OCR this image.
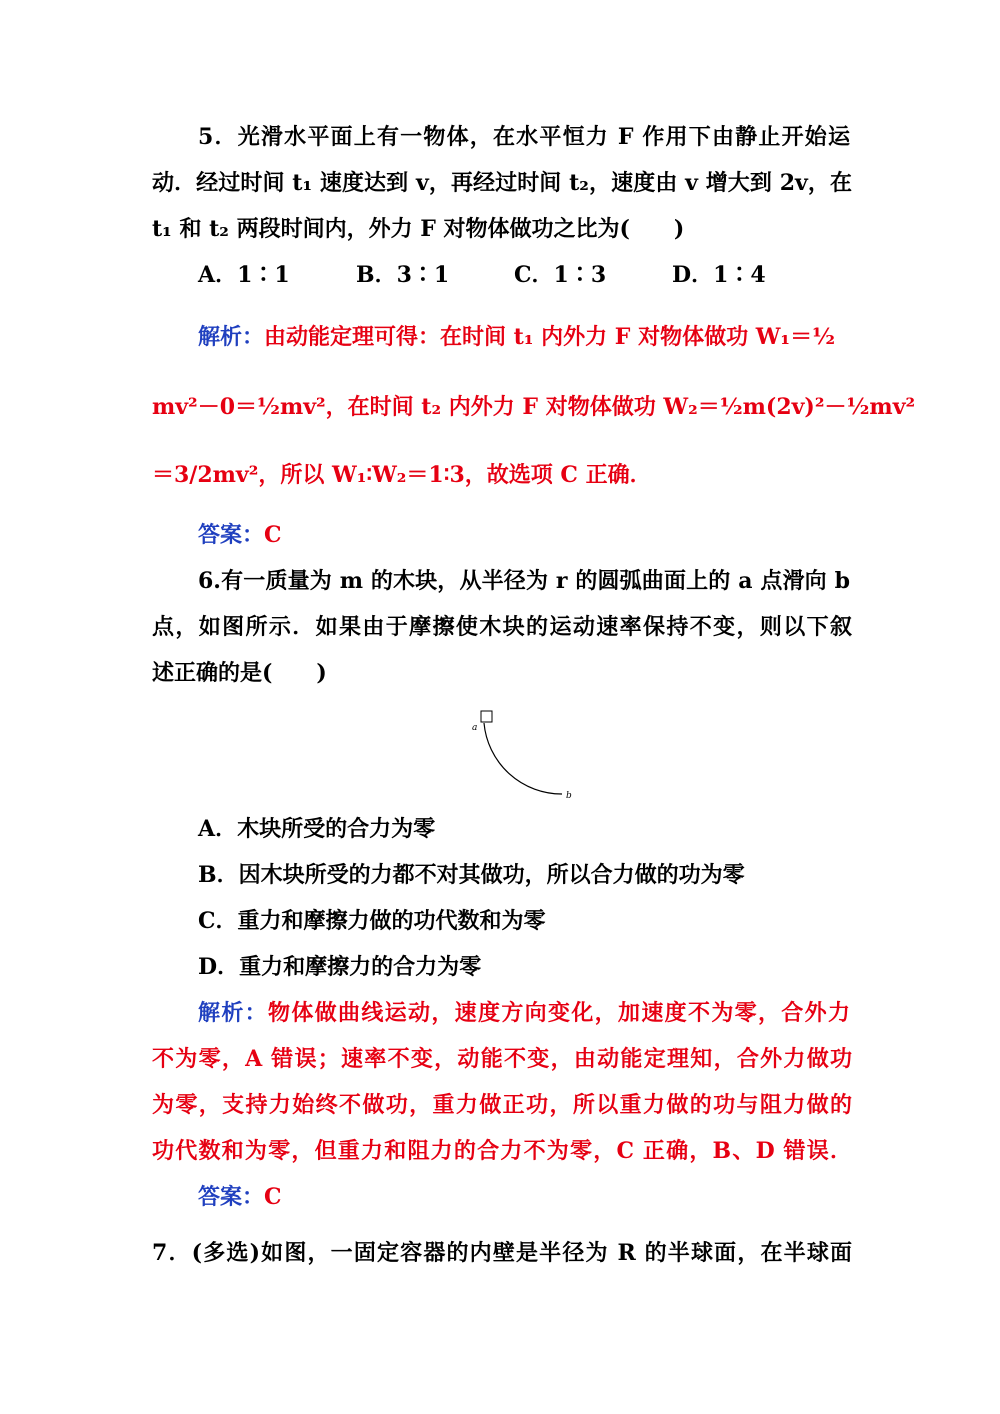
5．光滑水平面上有一物体，在水平恒力 F 作用下由静止开始运
动．经过时间 t₁ 速度达到 v，再经过时间 t₂，速度由 v 增大到 2v，在
t₁ 和 t₂ 两段时间内，外力 F 对物体做功之比为(　　)
A．1∶1	B．3∶1	C．1∶3	D．1∶4
解析：由动能定理可得：在时间 t₁ 内外力 F 对物体做功 W₁＝½
mv²－0＝½mv²，在时间 t₂ 内外力 F 对物体做功 W₂＝½m(2v)²－½mv²
＝3/2mv²，所以 W₁∶W₂＝1∶3，故选项 C 正确．
答案：C
6.有一质量为 m 的木块，从半径为 r 的圆弧曲面上的 a 点滑向 b
点，如图所示．如果由于摩擦使木块的运动速率保持不变，则以下叙
述正确的是(　　)
a
b
A．木块所受的合力为零
B．因木块所受的力都不对其做功，所以合力做的功为零
C．重力和摩擦力做的功代数和为零
D．重力和摩擦力的合力为零
解析：物体做曲线运动，速度方向变化，加速度不为零，合外力
不为零，A 错误；速率不变，动能不变，由动能定理知，合外力做功
为零，支持力始终不做功，重力做正功，所以重力做的功与阻力做的
功代数和为零，但重力和阻力的合力不为零，C 正确，B、D 错误．
答案：C
7．(多选)如图，一固定容器的内壁是半径为 R 的半球面，在半球面
